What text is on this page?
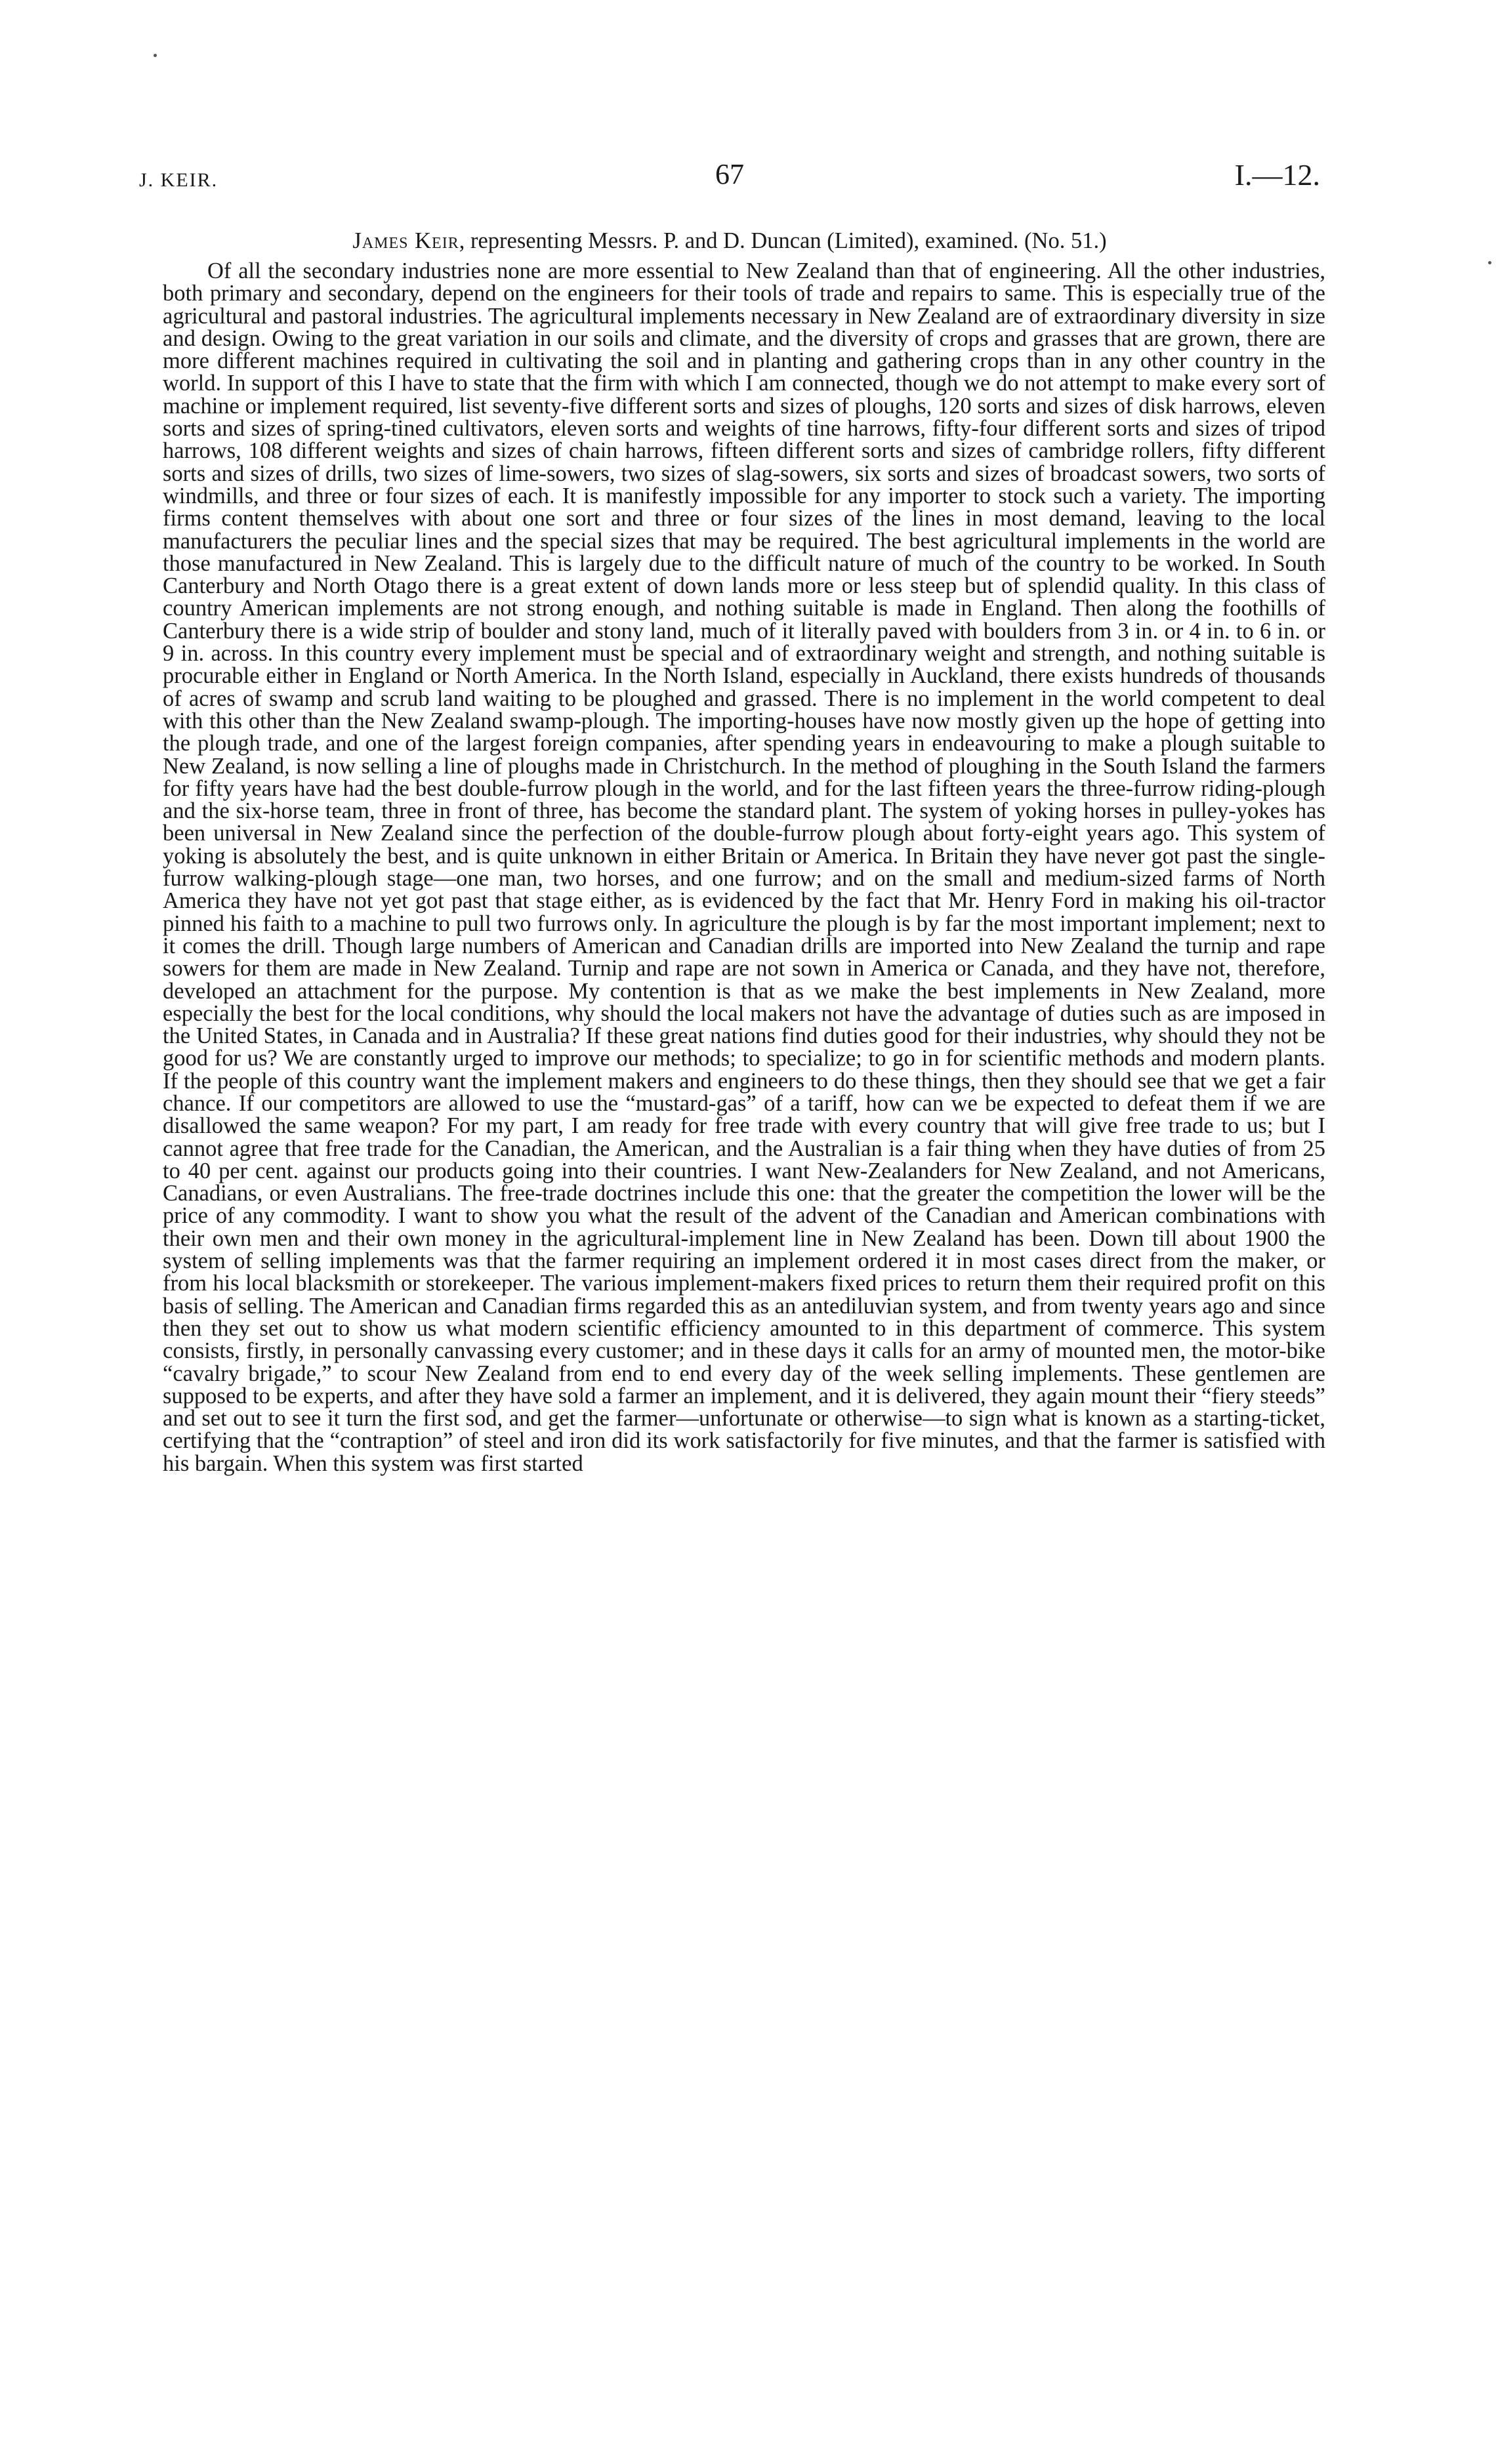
J. KEIR.	67	I.—12.
James Keir, representing Messrs. P. and D. Duncan (Limited), examined. (No. 51.)

Of all the secondary industries none are more essential to New Zealand than that of engineering. All the other industries, both primary and secondary, depend on the engineers for their tools of trade and repairs to same. This is especially true of the agricultural and pastoral industries. The agricultural implements necessary in New Zealand are of extraordinary diversity in size and design. Owing to the great variation in our soils and climate, and the diversity of crops and grasses that are grown, there are more different machines required in cultivating the soil and in planting and gathering crops than in any other country in the world. In support of this I have to state that the firm with which I am connected, though we do not attempt to make every sort of machine or implement required, list seventy-five different sorts and sizes of ploughs, 120 sorts and sizes of disk harrows, eleven sorts and sizes of spring-tined cultivators, eleven sorts and weights of tine harrows, fifty-four different sorts and sizes of tripod harrows, 108 different weights and sizes of chain harrows, fifteen different sorts and sizes of cambridge rollers, fifty different sorts and sizes of drills, two sizes of lime-sowers, two sizes of slag-sowers, six sorts and sizes of broadcast sowers, two sorts of windmills, and three or four sizes of each. It is manifestly impossible for any importer to stock such a variety. The importing firms content themselves with about one sort and three or four sizes of the lines in most demand, leaving to the local manufacturers the peculiar lines and the special sizes that may be required. The best agricultural implements in the world are those manufactured in New Zealand. This is largely due to the difficult nature of much of the country to be worked. In South Canterbury and North Otago there is a great extent of down lands more or less steep but of splendid quality. In this class of country American implements are not strong enough, and nothing suitable is made in England. Then along the foothills of Canterbury there is a wide strip of boulder and stony land, much of it literally paved with boulders from 3 in. or 4 in. to 6 in. or 9 in. across. In this country every implement must be special and of extraordinary weight and strength, and nothing suitable is procurable either in England or North America. In the North Island, especially in Auckland, there exists hundreds of thousands of acres of swamp and scrub land waiting to be ploughed and grassed. There is no implement in the world competent to deal with this other than the New Zealand swamp-plough. The importing-houses have now mostly given up the hope of getting into the plough trade, and one of the largest foreign companies, after spending years in endeavouring to make a plough suitable to New Zealand, is now selling a line of ploughs made in Christchurch. In the method of ploughing in the South Island the farmers for fifty years have had the best double-furrow plough in the world, and for the last fifteen years the three-furrow riding-plough and the six-horse team, three in front of three, has become the standard plant. The system of yoking horses in pulley-yokes has been universal in New Zealand since the perfection of the double-furrow plough about forty-eight years ago. This system of yoking is absolutely the best, and is quite unknown in either Britain or America. In Britain they have never got past the single-furrow walking-plough stage—one man, two horses, and one furrow; and on the small and medium-sized farms of North America they have not yet got past that stage either, as is evidenced by the fact that Mr. Henry Ford in making his oil-tractor pinned his faith to a machine to pull two furrows only. In agriculture the plough is by far the most important implement; next to it comes the drill. Though large numbers of American and Canadian drills are imported into New Zealand the turnip and rape sowers for them are made in New Zealand. Turnip and rape are not sown in America or Canada, and they have not, therefore, developed an attachment for the purpose. My contention is that as we make the best implements in New Zealand, more especially the best for the local conditions, why should the local makers not have the advantage of duties such as are imposed in the United States, in Canada and in Australia? If these great nations find duties good for their industries, why should they not be good for us? We are constantly urged to improve our methods; to specialize; to go in for scientific methods and modern plants. If the people of this country want the implement makers and engineers to do these things, then they should see that we get a fair chance. If our competitors are allowed to use the “mustard-gas” of a tariff, how can we be expected to defeat them if we are disallowed the same weapon? For my part, I am ready for free trade with every country that will give free trade to us; but I cannot agree that free trade for the Canadian, the American, and the Australian is a fair thing when they have duties of from 25 to 40 per cent. against our products going into their countries. I want New-Zealanders for New Zealand, and not Americans, Canadians, or even Australians. The free-trade doctrines include this one: that the greater the competition the lower will be the price of any commodity. I want to show you what the result of the advent of the Canadian and American combinations with their own men and their own money in the agricultural-implement line in New Zealand has been. Down till about 1900 the system of selling implements was that the farmer requiring an implement ordered it in most cases direct from the maker, or from his local blacksmith or storekeeper. The various implement-makers fixed prices to return them their required profit on this basis of selling. The American and Canadian firms regarded this as an antediluvian system, and from twenty years ago and since then they set out to show us what modern scientific efficiency amounted to in this department of commerce. This system consists, firstly, in personally canvassing every customer; and in these days it calls for an army of mounted men, the motor-bike “cavalry brigade,” to scour New Zealand from end to end every day of the week selling implements. These gentlemen are supposed to be experts, and after they have sold a farmer an implement, and it is delivered, they again mount their “fiery steeds” and set out to see it turn the first sod, and get the farmer—unfortunate or otherwise—to sign what is known as a starting-ticket, certifying that the “contraption” of steel and iron did its work satisfactorily for five minutes, and that the farmer is satisfied with his bargain. When this system was first started
